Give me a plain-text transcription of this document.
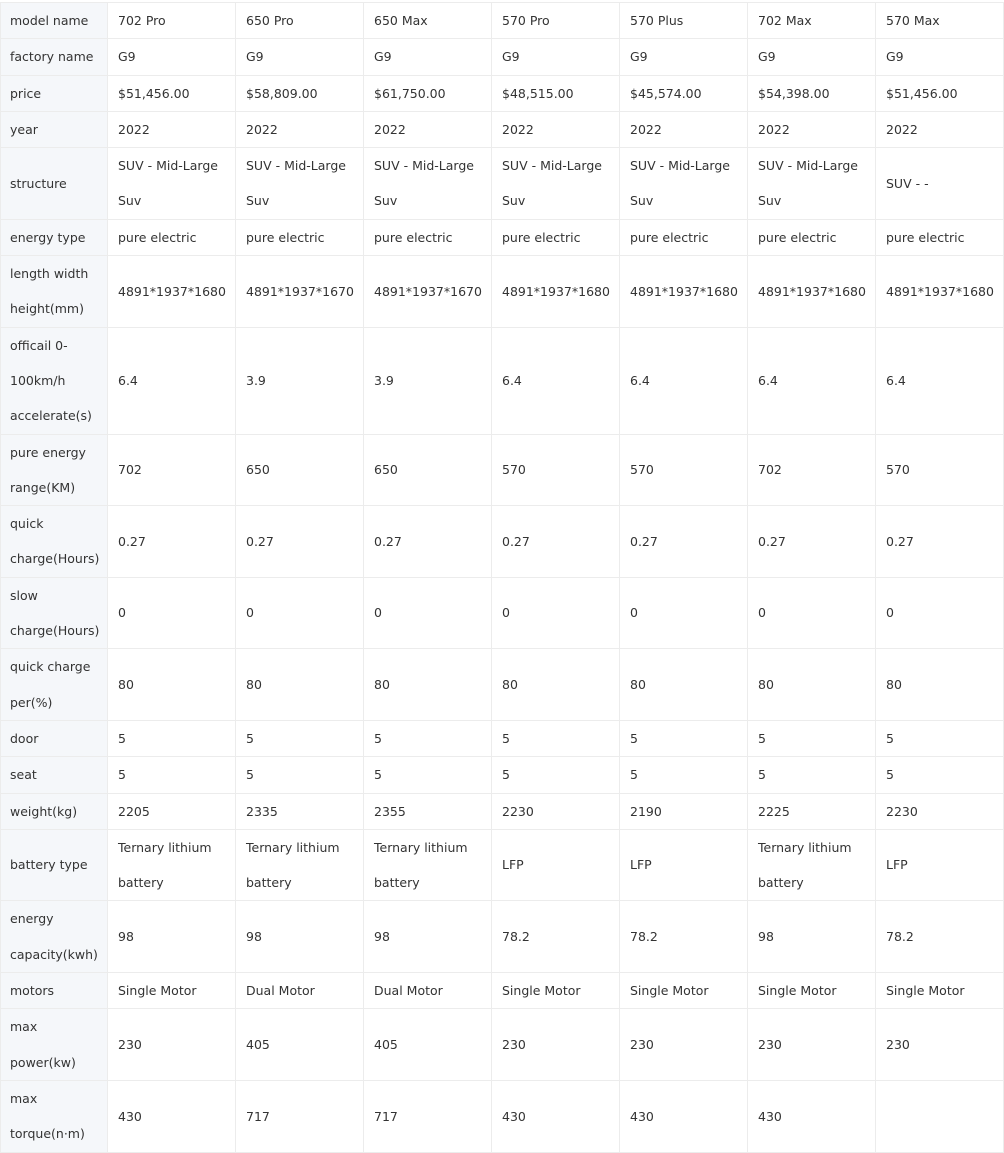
model name	702 Pro	650 Pro	650 Max	570 Pro	570 Plus	702 Max	570 Max
factory name	G9	G9	G9	G9	G9	G9	G9
price	$51,456.00	$58,809.00	$61,750.00	$48,515.00	$45,574.00	$54,398.00	$51,456.00
year	2022	2022	2022	2022	2022	2022	2022
structure	SUV - Mid-Large Suv	SUV - Mid-Large Suv	SUV - Mid-Large Suv	SUV - Mid-Large Suv	SUV - Mid-Large Suv	SUV - Mid-Large Suv	SUV - -
energy type	pure electric	pure electric	pure electric	pure electric	pure electric	pure electric	pure electric
length width height(mm)	4891*1937*1680	4891*1937*1670	4891*1937*1670	4891*1937*1680	4891*1937*1680	4891*1937*1680	4891*1937*1680
officail 0-100km/h accelerate(s)	6.4	3.9	3.9	6.4	6.4	6.4	6.4
pure energy range(KM)	702	650	650	570	570	702	570
quick charge(Hours)	0.27	0.27	0.27	0.27	0.27	0.27	0.27
slow charge(Hours)	0	0	0	0	0	0	0
quick charge per(%)	80	80	80	80	80	80	80
door	5	5	5	5	5	5	5
seat	5	5	5	5	5	5	5
weight(kg)	2205	2335	2355	2230	2190	2225	2230
battery type	Ternary lithium battery	Ternary lithium battery	Ternary lithium battery	LFP	LFP	Ternary lithium battery	LFP
energy capacity(kwh)	98	98	98	78.2	78.2	98	78.2
motors	Single Motor	Dual Motor	Dual Motor	Single Motor	Single Motor	Single Motor	Single Motor
max power(kw)	230	405	405	230	230	230	230
max torque(n·m)	430	717	717	430	430	430	
